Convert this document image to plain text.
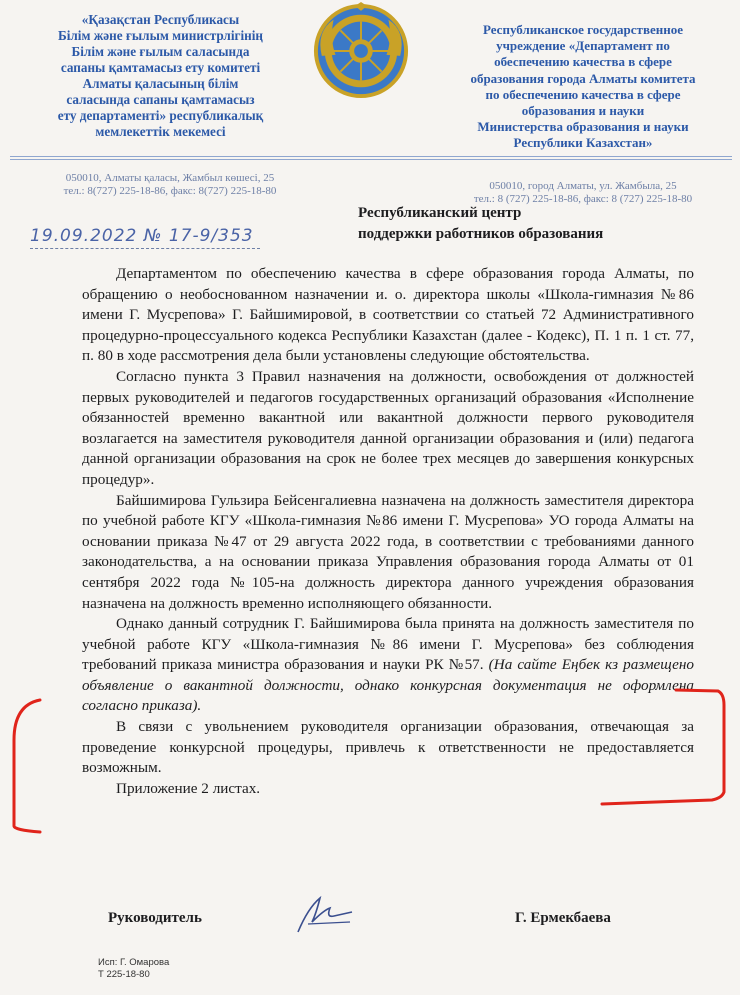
«Қазақстан Республикасы
Білім және ғылым министрлігінің
Білім және ғылым саласында
сапаны қамтамасыз ету комитеті
Алматы қаласының білім
саласында сапаны қамтамасыз
ету департаменті» республикалық
мемлекеттік мекемесі
Республиканское государственное
учреждение «Департамент по
обеспечению качества в сфере
образования города Алматы комитета
по обеспечению качества в сфере
образования и науки
Министерства образования и науки
Республики Казахстан»
050010, Алматы қаласы, Жамбыл көшесі, 25
тел.: 8(727) 225-18-86, факс: 8(727) 225-18-80	050010, город Алматы, ул. Жамбыла, 25
тел.: 8 (727) 225-18-86, факс: 8 (727) 225-18-80
19.09.2022 № 17-9/353
Республиканский центр
поддержки работников образования

Департаментом по обеспечению качества в сфере образования города Алматы, по обращению о необоснованном назначении и. о. директора школы «Школа-гимназия №86 имени Г. Мусрепова» Г. Байшимировой, в соответствии со статьей 72 Административного процедурно-процессуального кодекса Республики Казахстан (далее - Кодекс), П. 1 п. 1 ст. 77, п. 80 в ходе рассмотрения дела были установлены следующие обстоятельства.

Согласно пункта 3 Правил назначения на должности, освобождения от должностей первых руководителей и педагогов государственных организаций образования «Исполнение обязанностей временно вакантной или вакантной должности первого руководителя возлагается на заместителя руководителя данной организации образования и (или) педагога данной организации образования на срок не более трех месяцев до завершения конкурсных процедур».

Байшимирова Гульзира Бейсенгалиевна назначена на должность заместителя директора по учебной работе КГУ «Школа-гимназия №86 имени Г. Мусрепова» УО города Алматы на основании приказа №47 от 29 августа 2022 года, в соответствии с требованиями данного законодательства, а на основании приказа Управления образования города Алматы от 01 сентября 2022 года №105-на должность директора данного учреждения образования назначена на должность временно исполняющего обязанности.

Однако данный сотрудник Г. Байшимирова была принята на должность заместителя по учебной работе КГУ «Школа-гимназия №86 имени Г. Мусрепова» без соблюдения требований приказа министра образования и науки РК №57. (На сайте Еңбек кз размещено объявление о вакантной должности, однако конкурсная документация не оформлена согласно приказа).

В связи с увольнением руководителя организации образования, отвечающая за проведение конкурсной процедуры, привлечь к ответственности не предоставляется возможным.

Приложение 2 листах.

Руководитель	Г. Ермекбаева
Исп: Г. Омарова
Т 225-18-80
